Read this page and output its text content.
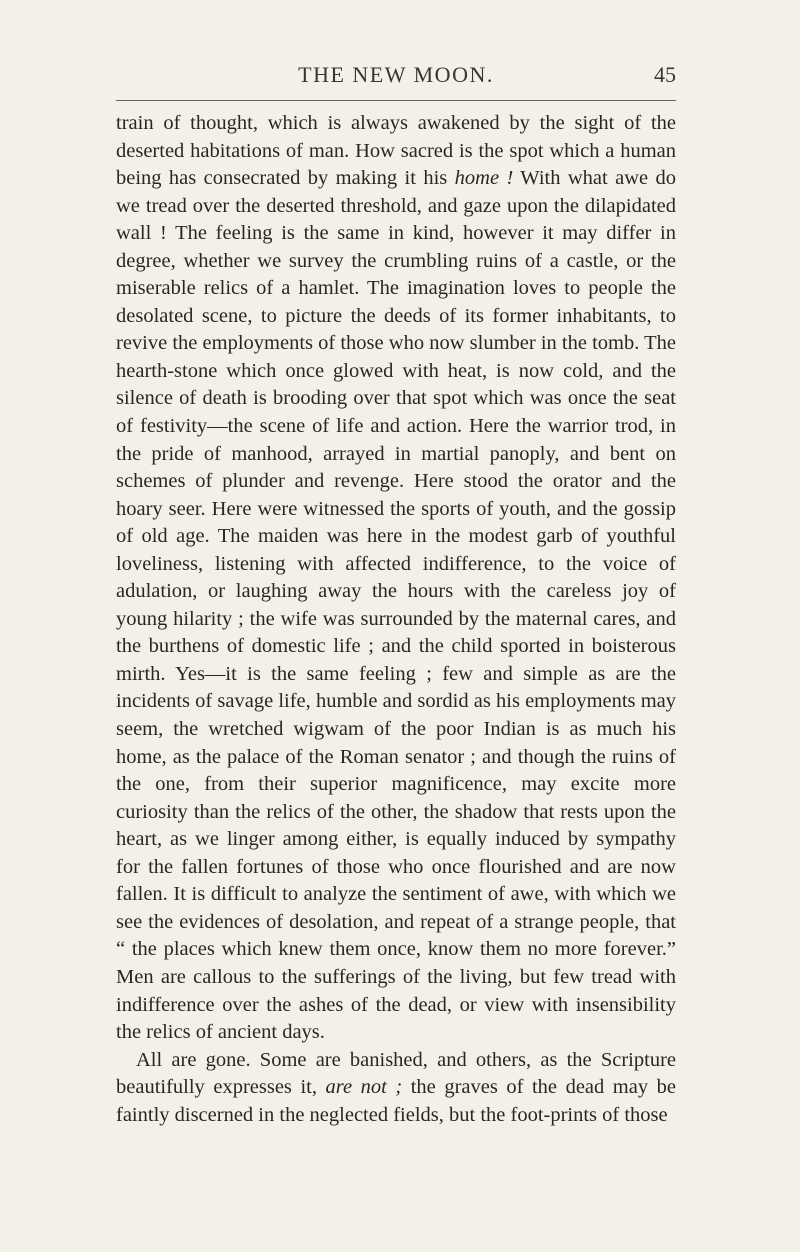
THE NEW MOON.	45

train of thought, which is always awakened by the sight of the deserted habitations of man. How sacred is the spot which a human being has consecrated by making it his home ! With what awe do we tread over the deserted threshold, and gaze upon the dilapidated wall ! The feeling is the same in kind, however it may differ in degree, whether we survey the crumbling ruins of a castle, or the miserable relics of a hamlet. The imagination loves to people the desolated scene, to picture the deeds of its former inhabitants, to revive the employments of those who now slumber in the tomb. The hearth-stone which once glowed with heat, is now cold, and the silence of death is brooding over that spot which was once the seat of festivity—the scene of life and action. Here the warrior trod, in the pride of manhood, arrayed in martial panoply, and bent on schemes of plunder and revenge. Here stood the orator and the hoary seer. Here were witnessed the sports of youth, and the gossip of old age. The maiden was here in the modest garb of youthful loveliness, listening with affected indifference, to the voice of adulation, or laughing away the hours with the careless joy of young hilarity ; the wife was surrounded by the maternal cares, and the burthens of domestic life ; and the child sported in boisterous mirth. Yes—it is the same feeling ; few and simple as are the incidents of savage life, humble and sordid as his employments may seem, the wretched wigwam of the poor Indian is as much his home, as the palace of the Roman senator ; and though the ruins of the one, from their superior magnificence, may excite more curiosity than the relics of the other, the shadow that rests upon the heart, as we linger among either, is equally induced by sympathy for the fallen fortunes of those who once flourished and are now fallen. It is difficult to analyze the sentiment of awe, with which we see the evidences of desolation, and repeat of a strange people, that “ the places which knew them once, know them no more forever.” Men are callous to the sufferings of the living, but few tread with indifference over the ashes of the dead, or view with insensibility the relics of ancient days.

All are gone. Some are banished, and others, as the Scripture beautifully expresses it, are not ; the graves of the dead may be faintly discerned in the neglected fields, but the foot-prints of those
